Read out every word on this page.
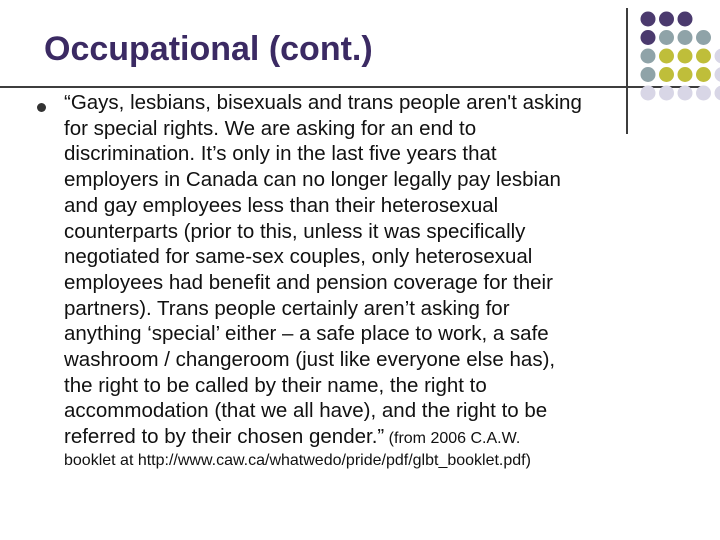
Occupational (cont.)
“Gays, lesbians, bisexuals and trans people aren't asking
for special rights. We are asking for an end to
discrimination. It’s only in the last five years that
employers in Canada can no longer legally pay lesbian
and gay employees less than their heterosexual
counterparts (prior to this, unless it was specifically
negotiated for same-sex couples, only heterosexual
employees had benefit and pension coverage for their
partners). Trans people certainly aren’t asking for
anything ‘special’ either – a safe place to work, a safe
washroom / changeroom (just like everyone else has),
the right to be called by their name, the right to
accommodation (that we all have), and the right to be
referred to by their chosen gender.” (from 2006 C.A.W.
booklet at http://www.caw.ca/whatwedo/pride/pdf/glbt_booklet.pdf)
